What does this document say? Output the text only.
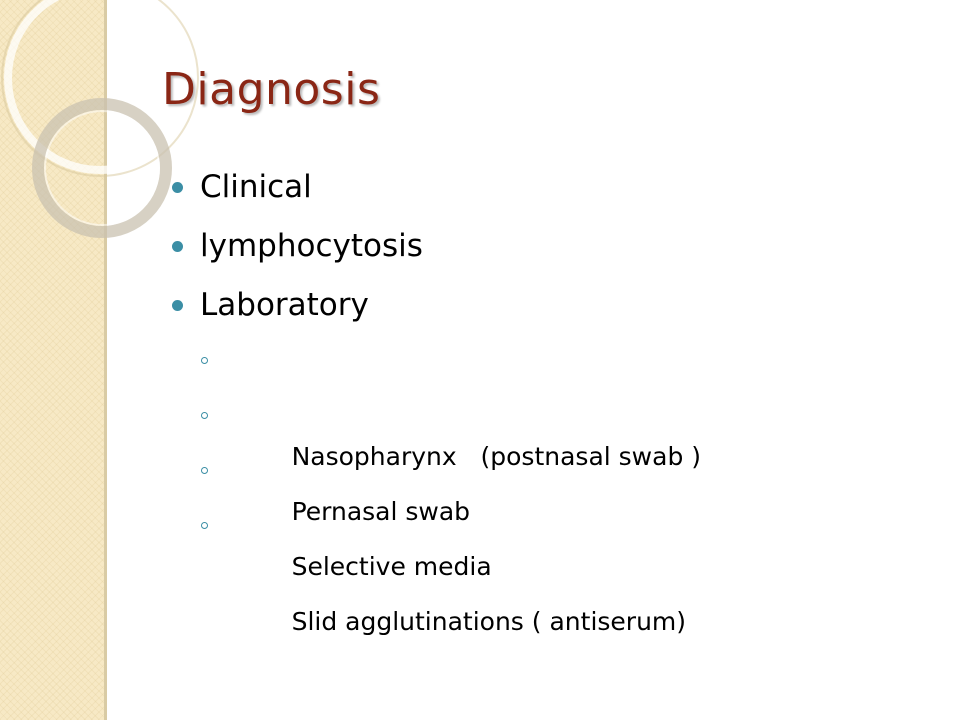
Diagnosis
Clinical
lymphocytosis
Laboratory

Nasopharynx   (postnasal swab )

Pernasal swab

Selective media

Slid agglutinations ( antiserum)
